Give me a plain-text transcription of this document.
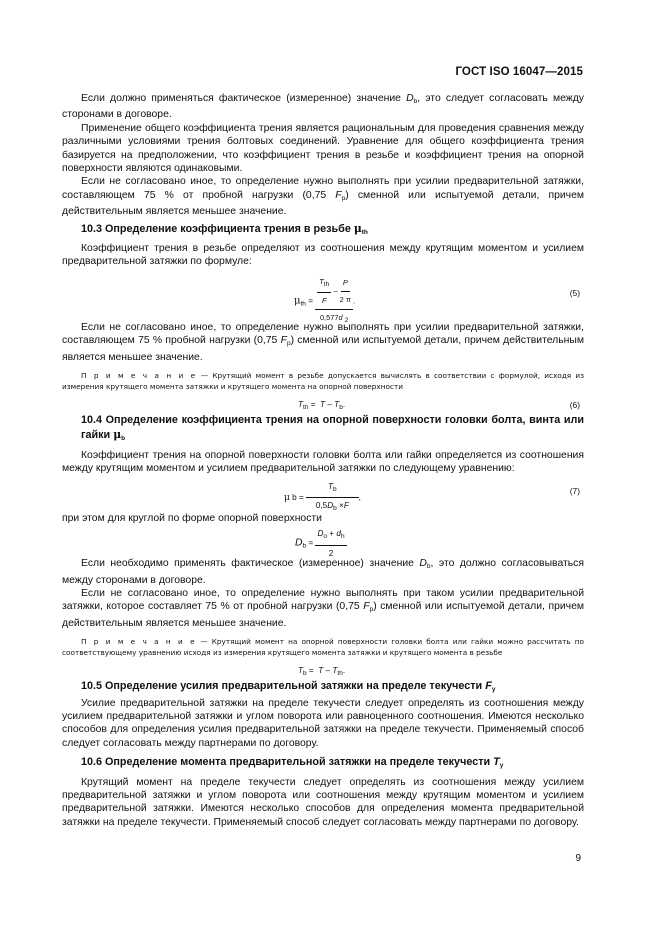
ГОСТ ISO 16047—2015

Если должно применяться фактическое (измеренное) значение $D_b$, это следует согласовать между сторонами в договоре.

Применение общего коэффициента трения является рациональным для проведения сравнения между различными условиями трения болтовых соединений. Уравнение для общего коэффициента трения базируется на предположении, что коэффициент трения в резьбе и коэффициент трения на опорной поверхности являются одинаковыми.

Если не согласовано иное, то определение нужно выполнять при усилии предварительной затяжки, составляющем 75 % от пробной нагрузки (0,75 $F_p$) сменной или испытуемой детали, причем действительным является меньшее значение.

10.3 Определение коэффициента трения в резьбе $\mu_{th}$

Коэффициент трения в резьбе определяют из соотношения между крутящим моментом и усилием предварительной затяжки по формуле:

$\mu_{th} = \frac{\frac{T_{th}}{F} - \frac{P}{2 \pi}}{0,577d _2}$ .
(5)

Если не согласовано иное, то определение нужно выполнять при усилии предварительной затяжки, составляющем 75 % пробной нагрузки (0,75 $F_p$) сменной или испытуемой детали, причем действительным является меньшее значение.

П р и м е ч а н и е — Крутящий момент в резьбе допускается вычислять в соответствии с формулой, исходя из измерения крутящего момента затяжки и крутящего момента на опорной поверхности

$T_{th} = T - T_b$.	(6)

10.4 Определение коэффициента трения на опорной поверхности головки болта, винта или гайки $\mu_b$

Коэффициент трения на опорной поверхности головки болта или гайки определяется из соотношения между крутящим моментом и усилием предварительной затяжки по следующему уравнению:

μ $b = \frac{T_b}{0,5D_b \times F}$ ,
(7)

при этом для круглой по форме опорной поверхности

$D_b = \frac{D_o + d_h}{2}$

Если необходимо применять фактическое (измеренное) значение $D_b$, это должно согласовываться между сторонами в договоре.

Если не согласовано иное, то определение нужно выполнять при таком усилии предварительной затяжки, которое составляет 75 % от пробной нагрузки (0,75 $F_p$) сменной или испытуемой детали, причем действительным является меньшее значение.

П р и м е ч а н и е — Крутящий момент на опорной поверхности головки болта или гайки можно рассчитать по соответствующему уравнению исходя из измерения крутящего момента затяжки и крутящего момента в резьбе

$T_b = T - T_{th}$.

10.5 Определение усилия предварительной затяжки на пределе текучести $F_y$

Усилие предварительной затяжки на пределе текучести следует определять из соотношения между усилием предварительной затяжки и углом поворота или равноценного соотношения. Имеются несколько способов для определения усилия предварительной затяжки на пределе текучести. Применяемый способ следует согласовать между партнерами по договору.

10.6 Определение момента предварительной затяжки на пределе текучести $T_y$

Крутящий момент на пределе текучести следует определять из соотношения между усилием предварительной затяжки и углом поворота или соотношения между крутящим моментом и усилием предварительной затяжки. Имеются несколько способов для определения момента предварительной затяжки на пределе текучести. Применяемый способ следует согласовать между партнерами по договору.

9
